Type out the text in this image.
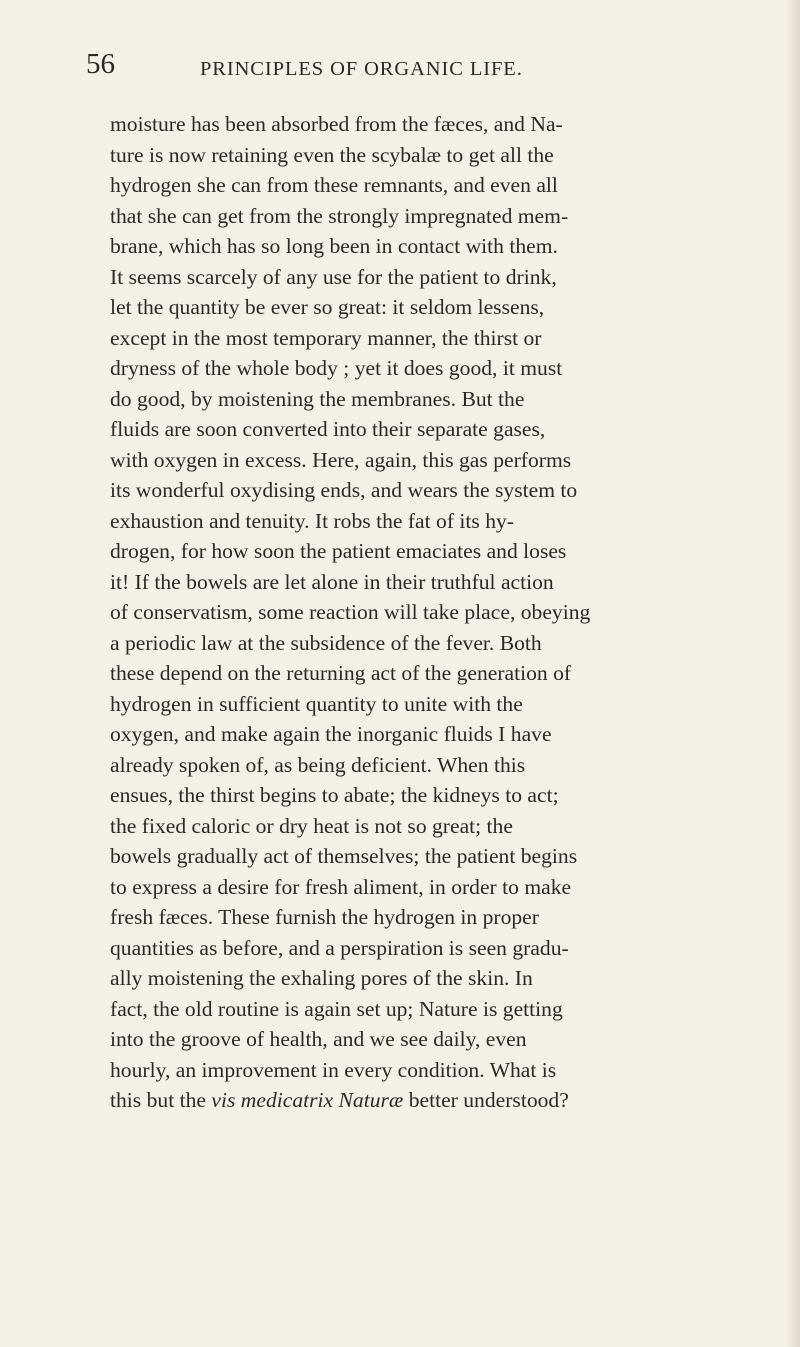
56	PRINCIPLES OF ORGANIC LIFE.
moisture has been absorbed from the fæces, and Na-
ture is now retaining even the scybalæ to get all the
hydrogen she can from these remnants, and even all
that she can get from the strongly impregnated mem-
brane, which has so long been in contact with them.
It seems scarcely of any use for the patient to drink,
let the quantity be ever so great: it seldom lessens,
except in the most temporary manner, the thirst or
dryness of the whole body ; yet it does good, it must
do good, by moistening the membranes. But the
fluids are soon converted into their separate gases,
with oxygen in excess. Here, again, this gas performs
its wonderful oxydising ends, and wears the system to
exhaustion and tenuity. It robs the fat of its hy-
drogen, for how soon the patient emaciates and loses
it! If the bowels are let alone in their truthful action
of conservatism, some reaction will take place, obeying
a periodic law at the subsidence of the fever. Both
these depend on the returning act of the generation of
hydrogen in sufficient quantity to unite with the
oxygen, and make again the inorganic fluids I have
already spoken of, as being deficient. When this
ensues, the thirst begins to abate; the kidneys to act;
the fixed caloric or dry heat is not so great; the
bowels gradually act of themselves; the patient begins
to express a desire for fresh aliment, in order to make
fresh fæces. These furnish the hydrogen in proper
quantities as before, and a perspiration is seen gradu-
ally moistening the exhaling pores of the skin. In
fact, the old routine is again set up; Nature is getting
into the groove of health, and we see daily, even
hourly, an improvement in every condition. What is
this but the vis medicatrix Naturæ better understood?
